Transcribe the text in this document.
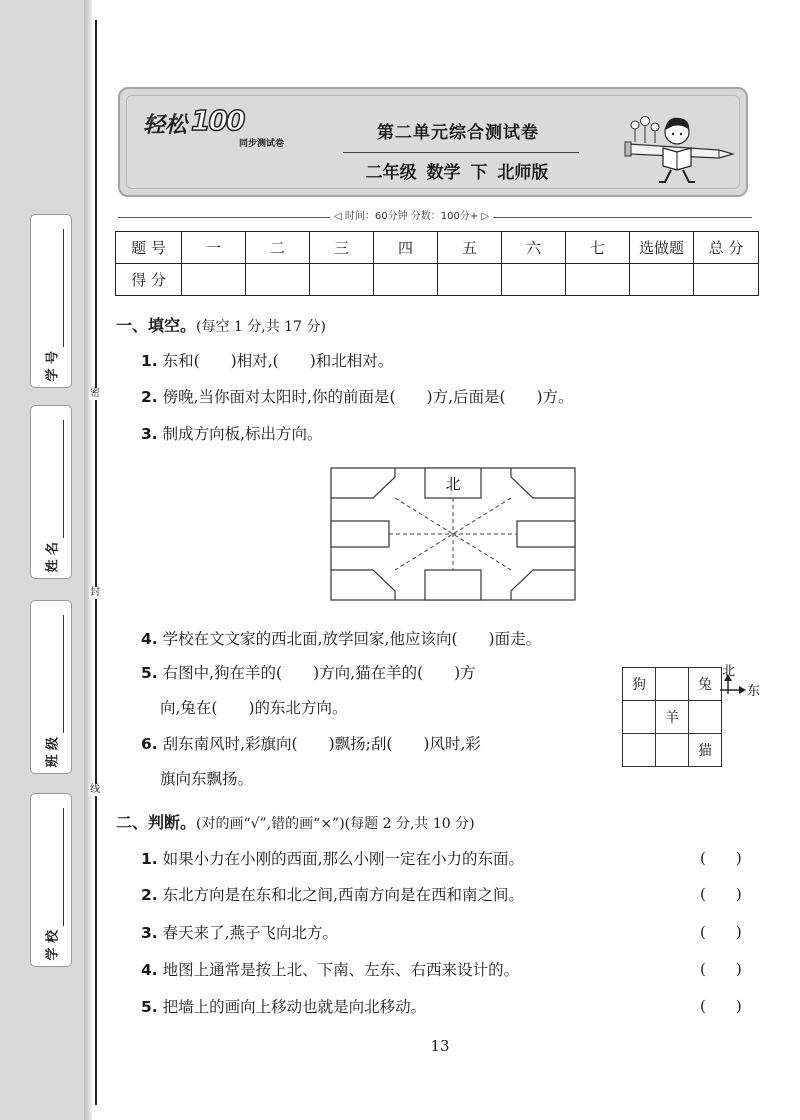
学 号
姓 名
班 级
学 校
密
封
线
轻松 100
同步测试卷
第二单元综合测试卷
二年级 数学 下 北师版
◁ 时间：60分钟 分数：100分+ ▷
题 号	一	二	三	四	五	六	七	选做题	总 分
得 分									
一、填空。(每空 1 分,共 17 分)
1. 东和(　　)相对,(　　)和北相对。
2. 傍晚,当你面对太阳时,你的前面是(　　)方,后面是(　　)方。
3. 制成方向板,标出方向。
北
4. 学校在文文家的西北面,放学回家,他应该向(　　)面走。
5. 右图中,狗在羊的(　　)方向,猫在羊的(　　)方
向,兔在(　　)的东北方向。
6. 刮东南风时,彩旗向(　　)飘扬;刮(　　)风时,彩
旗向东飘扬。
狗		兔
	羊	
		猫
北
东
二、判断。(对的画“√”,错的画“×”)(每题 2 分,共 10 分)
1. 如果小力在小刚的西面,那么小刚一定在小力的东面。	(　　)
2. 东北方向是在东和北之间,西南方向是在西和南之间。	(　　)
3. 春天来了,燕子飞向北方。	(　　)
4. 地图上通常是按上北、下南、左东、右西来设计的。	(　　)
5. 把墙上的画向上移动也就是向北移动。	(　　)
13
